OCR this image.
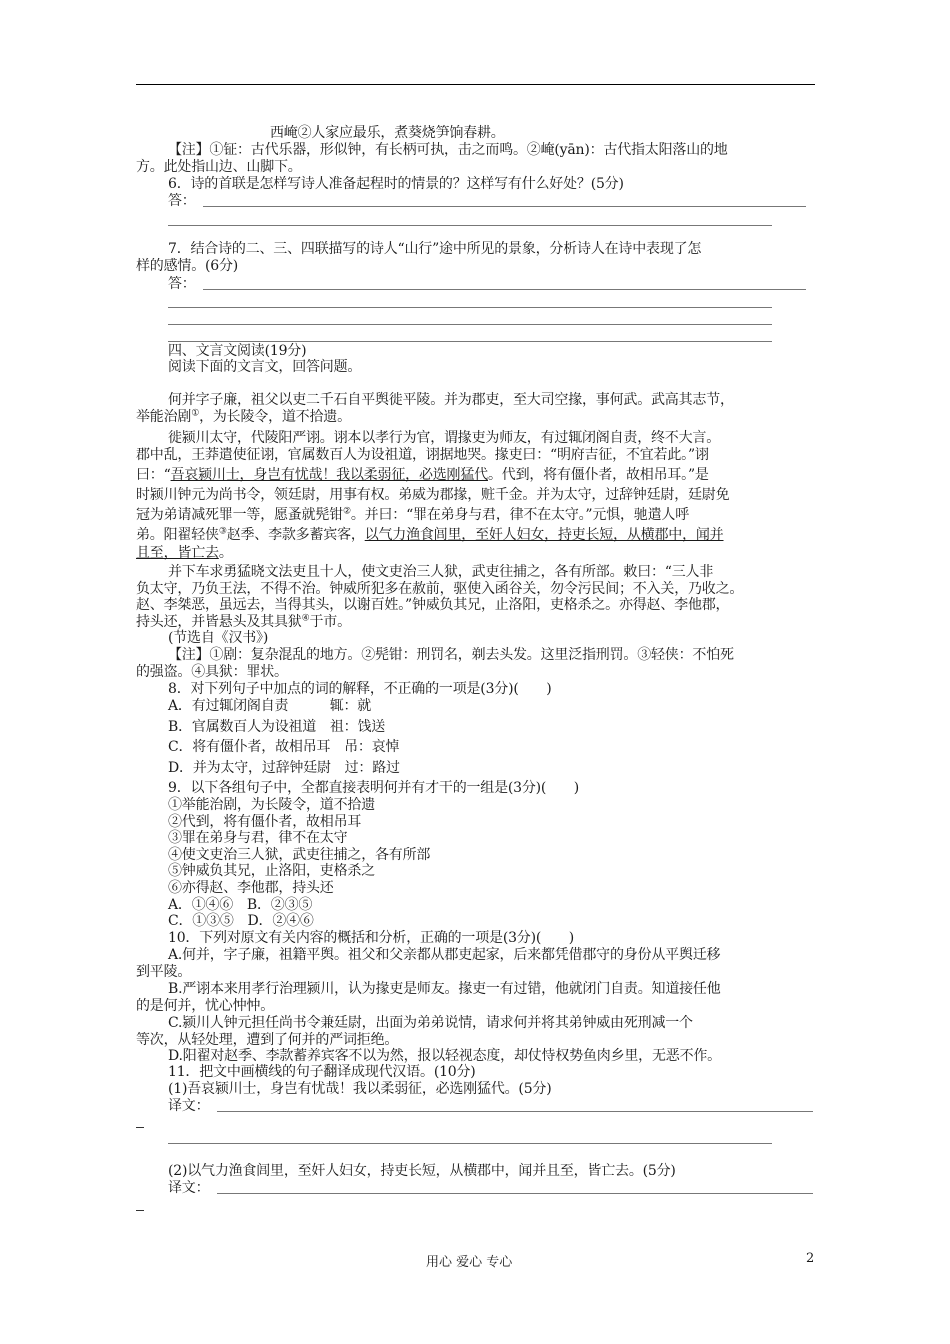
西崦②人家应最乐，煮葵烧笋饷春耕。
【注】①钲：古代乐器，形似钟，有长柄可执，击之而鸣。②崦(yān)：古代指太阳落山的地
方。此处指山边、山脚下。
6．诗的首联是怎样写诗人准备起程时的情景的？这样写有什么好处？(5分)
答：
7．结合诗的二、三、四联描写的诗人“山行”途中所见的景象，分析诗人在诗中表现了怎
样的感情。(6分)
答：
四、文言文阅读(19分)
阅读下面的文言文，回答问题。
何并字子廉，祖父以吏二千石自平舆徙平陵。并为郡吏，至大司空掾，事何武。武高其志节，
举能治剧①，为长陵令，道不拾遗。
徙颍川太守，代陵阳严诩。诩本以孝行为官，谓掾吏为师友，有过辄闭阁自责，终不大言。
郡中乱，王莽遣使征诩，官属数百人为设祖道，诩据地哭。掾吏曰：“明府吉征，不宜若此。”诩
曰：“吾哀颍川士，身岂有忧哉！我以柔弱征，必选刚猛代。代到，将有僵仆者，故相吊耳。”是
时颍川钟元为尚书令，领廷尉，用事有权。弟威为郡掾，赃千金。并为太守，过辞钟廷尉，廷尉免
冠为弟请减死罪一等，愿蚤就髡钳②。并曰：“罪在弟身与君，律不在太守。”元惧，驰遣人呼
弟。阳翟轻侠③赵季、李款多蓄宾客，以气力渔食闾里，至奸人妇女，持吏长短，从横郡中，闻并
且至，皆亡去。
并下车求勇猛晓文法吏且十人，使文吏治三人狱，武吏往捕之，各有所部。敕曰：“三人非
负太守，乃负王法，不得不治。钟威所犯多在赦前，驱使入函谷关，勿令污民间；不入关，乃收之。
赵、李桀恶，虽远去，当得其头，以谢百姓。”钟威负其兄，止洛阳，吏格杀之。亦得赵、李他郡，
持头还，并皆悬头及其具狱④于市。
(节选自《汉书》)
【注】①剧：复杂混乱的地方。②髡钳：刑罚名，剃去头发。这里泛指刑罚。③轻侠：不怕死
的强盗。④具狱：罪状。
8．对下列句子中加点的词的解释，不正确的一项是(3分)(　　)
A．有过辄闭阁自责　　　辄：就
B．官属数百人为设祖道　祖：饯送
C．将有僵仆者，故相吊耳　吊：哀悼
D．并为太守，过辞钟廷尉　过：路过
9．以下各组句子中，全都直接表明何并有才干的一组是(3分)(　　)
①举能治剧，为长陵令，道不拾遗
②代到，将有僵仆者，故相吊耳
③罪在弟身与君，律不在太守
④使文吏治三人狱，武吏往捕之，各有所部
⑤钟威负其兄，止洛阳，吏格杀之
⑥亦得赵、李他郡，持头还
A．①④⑥　B．②③⑤
C．①③⑤　D．②④⑥
10．下列对原文有关内容的概括和分析，正确的一项是(3分)(　　)
A.何并，字子廉，祖籍平舆。祖父和父亲都从郡吏起家，后来都凭借郡守的身份从平舆迁移
到平陵。
B.严诩本来用孝行治理颍川，认为掾吏是师友。掾吏一有过错，他就闭门自责。知道接任他
的是何并，忧心忡忡。
C.颍川人钟元担任尚书令兼廷尉，出面为弟弟说情，请求何并将其弟钟威由死刑减一个
等次，从轻处理，遭到了何并的严词拒绝。
D.阳翟对赵季、李款蓄养宾客不以为然，报以轻视态度，却仗恃权势鱼肉乡里，无恶不作。
11．把文中画横线的句子翻译成现代汉语。(10分)
(1)吾哀颍川士，身岂有忧哉！我以柔弱征，必选刚猛代。(5分)
译文：
(2)以气力渔食闾里，至奸人妇女，持吏长短，从横郡中，闻并且至，皆亡去。(5分)
译文：
用心 爱心 专心	2
